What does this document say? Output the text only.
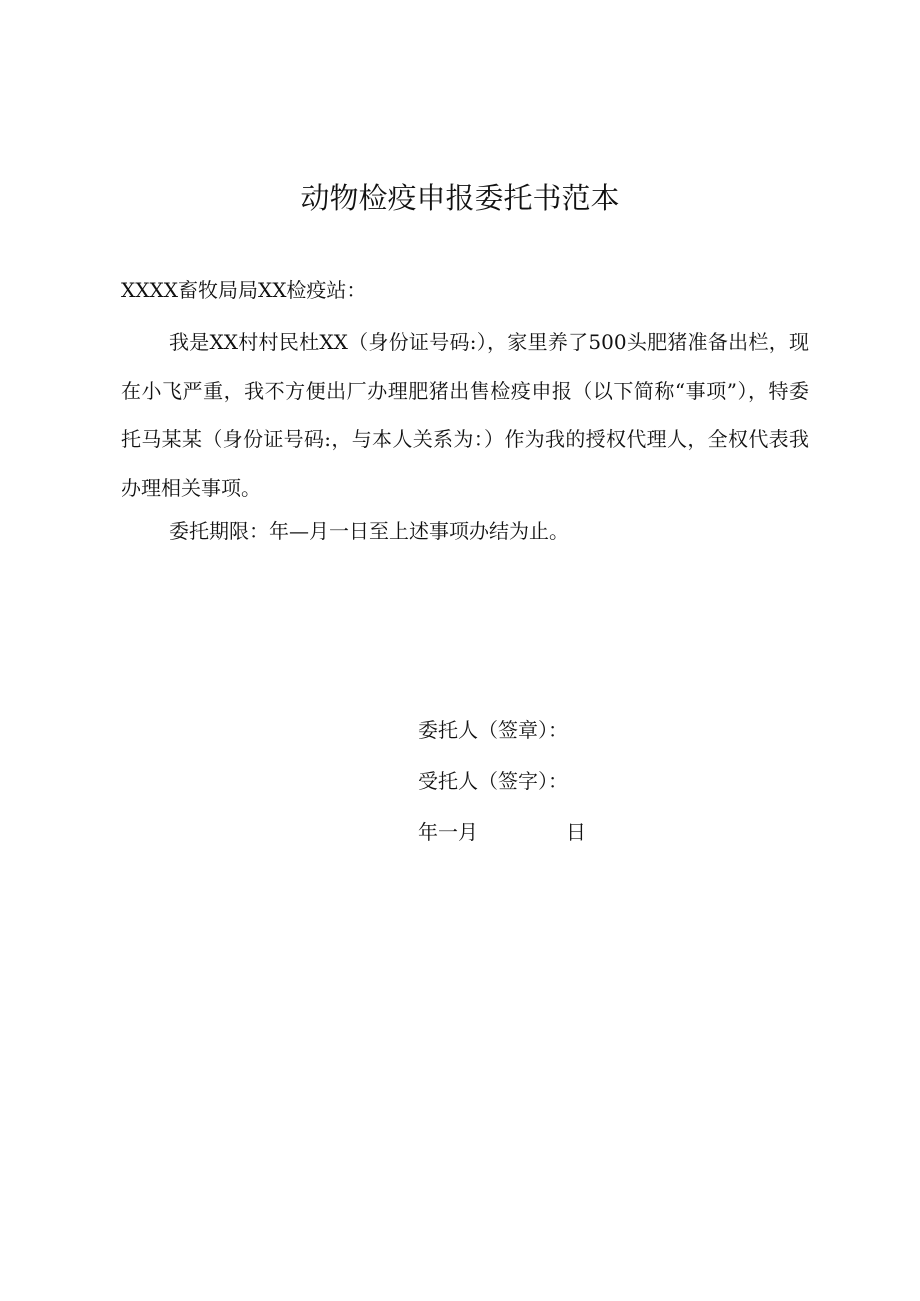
动物检疫申报委托书范本
XXXX畜牧局局XX检疫站：
我是XX村村民杜XX（身份证号码:），家里养了500头肥猪准备出栏，现在小飞严重，我不方便出厂办理肥猪出售检疫申报（以下简称“事项”），特委托马某某（身份证号码:，与本人关系为：）作为我的授权代理人，全权代表我办理相关事项。
委托期限：年—月一日至上述事项办结为止。
委托人（签章）：
受托人（签字）：
年一月	日
